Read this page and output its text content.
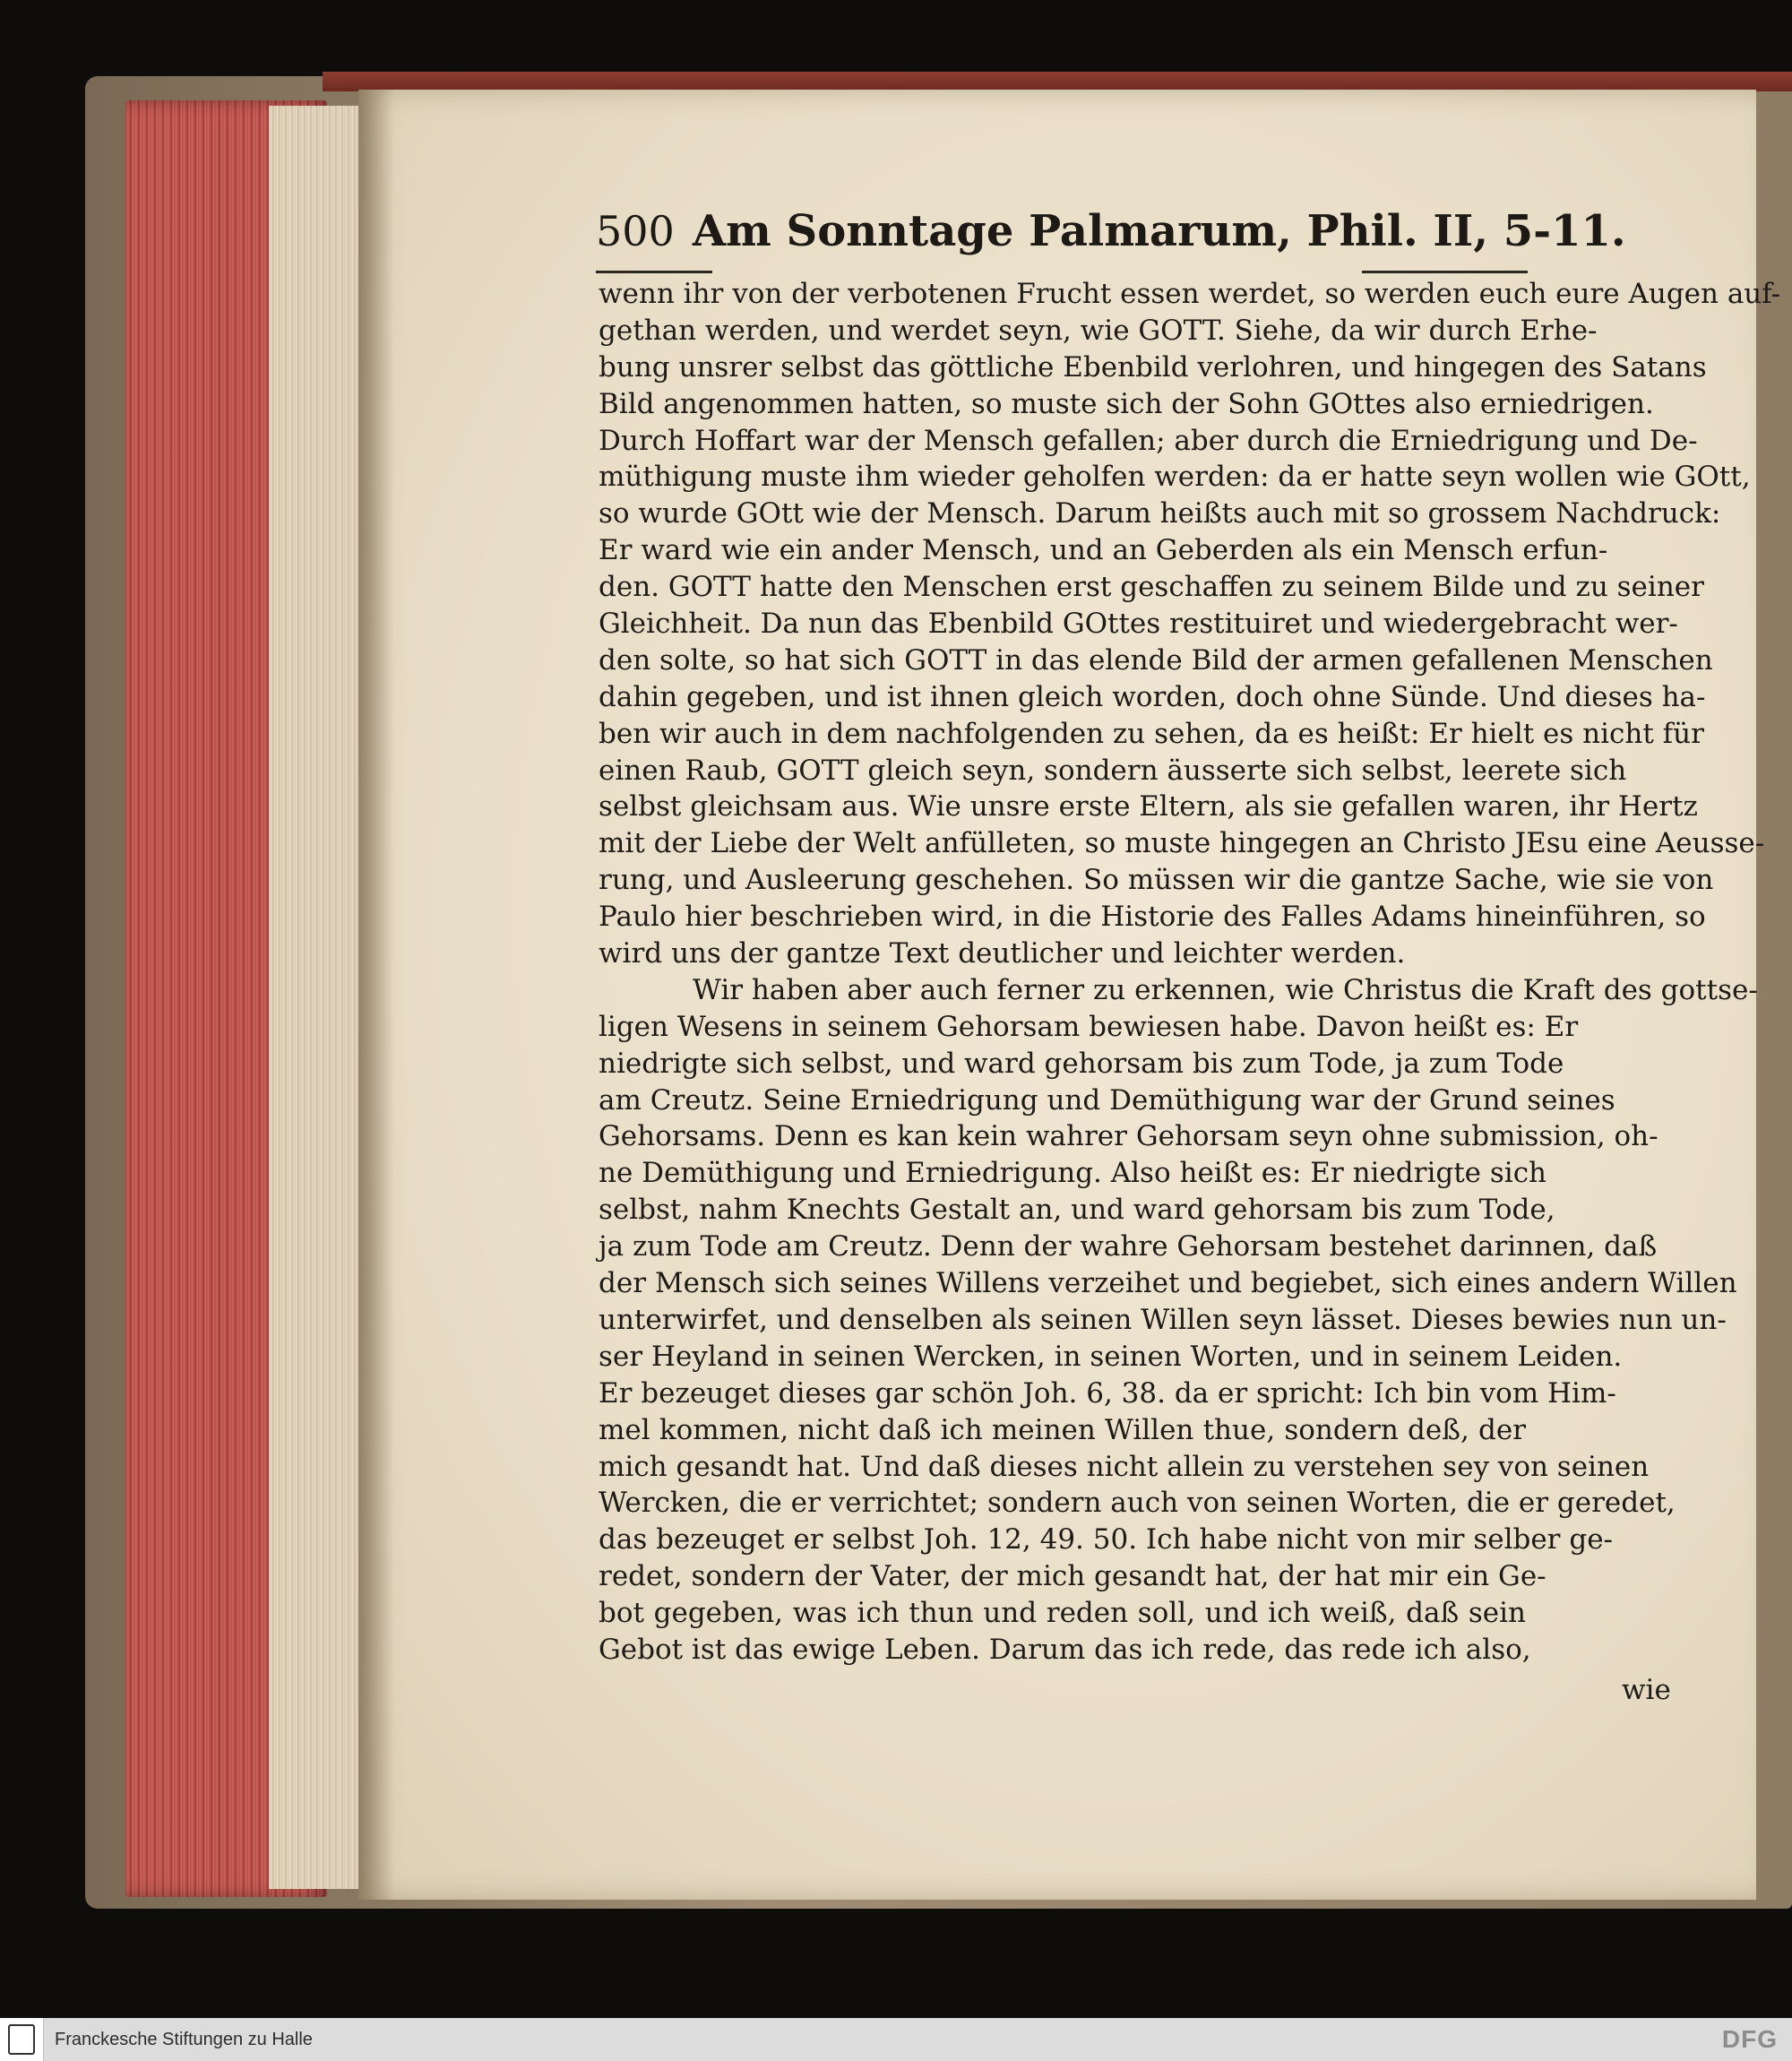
500 Am Sonntage Palmarum, Phil. II, 5-11.
wenn ihr von der verbotenen Frucht essen werdet, so werden euch eure Augen auf-
gethan werden, und werdet seyn, wie GOTT. Siehe, da wir durch Erhe-
bung unsrer selbst das göttliche Ebenbild verlohren, und hingegen des Satans
Bild angenommen hatten, so muste sich der Sohn GOttes also erniedrigen.
Durch Hoffart war der Mensch gefallen; aber durch die Erniedrigung und De-
müthigung muste ihm wieder geholfen werden: da er hatte seyn wollen wie GOtt,
so wurde GOtt wie der Mensch. Darum heißts auch mit so grossem Nachdruck:
Er ward wie ein ander Mensch, und an Geberden als ein Mensch erfun-
den. GOTT hatte den Menschen erst geschaffen zu seinem Bilde und zu seiner
Gleichheit. Da nun das Ebenbild GOttes restituiret und wiedergebracht wer-
den solte, so hat sich GOTT in das elende Bild der armen gefallenen Menschen
dahin gegeben, und ist ihnen gleich worden, doch ohne Sünde. Und dieses ha-
ben wir auch in dem nachfolgenden zu sehen, da es heißt: Er hielt es nicht für
einen Raub, GOTT gleich seyn, sondern äusserte sich selbst, leerete sich
selbst gleichsam aus. Wie unsre erste Eltern, als sie gefallen waren, ihr Hertz
mit der Liebe der Welt anfülleten, so muste hingegen an Christo JEsu eine Aeusse-
rung, und Ausleerung geschehen. So müssen wir die gantze Sache, wie sie von
Paulo hier beschrieben wird, in die Historie des Falles Adams hineinführen, so
wird uns der gantze Text deutlicher und leichter werden.
Wir haben aber auch ferner zu erkennen, wie Christus die Kraft des gottse-
ligen Wesens in seinem Gehorsam bewiesen habe. Davon heißt es: Er
niedrigte sich selbst, und ward gehorsam bis zum Tode, ja zum Tode
am Creutz. Seine Erniedrigung und Demüthigung war der Grund seines
Gehorsams. Denn es kan kein wahrer Gehorsam seyn ohne submission, oh-
ne Demüthigung und Erniedrigung. Also heißt es: Er niedrigte sich
selbst, nahm Knechts Gestalt an, und ward gehorsam bis zum Tode,
ja zum Tode am Creutz. Denn der wahre Gehorsam bestehet darinnen, daß
der Mensch sich seines Willens verzeihet und begiebet, sich eines andern Willen
unterwirfet, und denselben als seinen Willen seyn lässet. Dieses bewies nun un-
ser Heyland in seinen Wercken, in seinen Worten, und in seinem Leiden.
Er bezeuget dieses gar schön Joh. 6, 38. da er spricht: Ich bin vom Him-
mel kommen, nicht daß ich meinen Willen thue, sondern deß, der
mich gesandt hat. Und daß dieses nicht allein zu verstehen sey von seinen
Wercken, die er verrichtet; sondern auch von seinen Worten, die er geredet,
das bezeuget er selbst Joh. 12, 49. 50. Ich habe nicht von mir selber ge-
redet, sondern der Vater, der mich gesandt hat, der hat mir ein Ge-
bot gegeben, was ich thun und reden soll, und ich weiß, daß sein
Gebot ist das ewige Leben. Darum das ich rede, das rede ich also,
wie
Franckesche Stiftungen zu Halle	DFG
